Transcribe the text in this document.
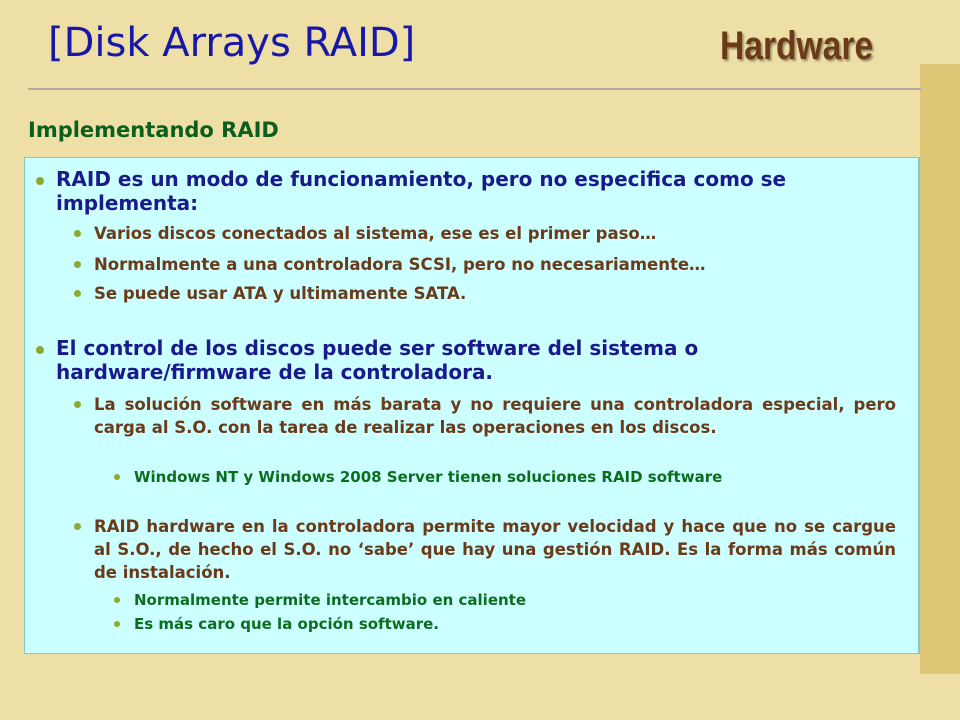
[Disk Arrays RAID]	Hardware
Implementando RAID
RAID es un modo de funcionamiento, pero no especifica como se implementa:
Varios discos conectados al sistema, ese es el primer paso…
Normalmente a una controladora SCSI, pero no necesariamente…
Se puede usar ATA y ultimamente SATA.
El control de los discos puede ser software del sistema o hardware/firmware de la controladora.
La solución software en más barata y no requiere una controladora especial, pero carga al S.O. con la tarea de realizar las operaciones en los discos.
Windows NT y Windows 2008 Server tienen soluciones RAID software
RAID hardware en la controladora permite mayor velocidad y hace que no se cargue al S.O., de hecho el S.O. no ‘sabe’ que hay una gestión RAID. Es la forma más común de instalación.
Normalmente permite intercambio en caliente
Es más caro que la opción software.
